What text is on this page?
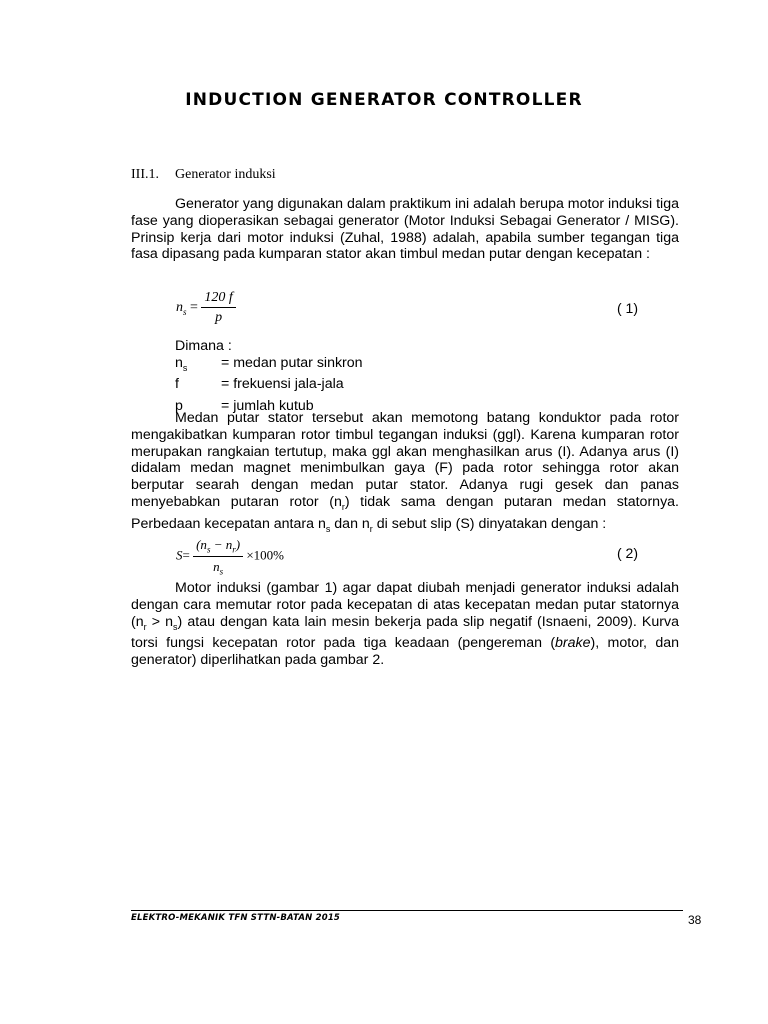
INDUCTION GENERATOR CONTROLLER
III.1. Generator induksi
Generator yang digunakan dalam praktikum ini adalah berupa motor induksi tiga fase yang dioperasikan sebagai generator (Motor Induksi Sebagai Generator / MISG). Prinsip kerja dari motor induksi (Zuhal, 1988) adalah, apabila sumber tegangan tiga fasa dipasang pada kumparan stator akan timbul medan putar dengan kecepatan :
$n_s = \frac{120 f}{p}$	( 1)
Dimana :
$n_s$	= medan putar sinkron
f	= frekuensi jala-jala
p	= jumlah kutub
Medan putar stator tersebut akan memotong batang konduktor pada rotor mengakibatkan kumparan rotor timbul tegangan induksi (ggl). Karena kumparan rotor merupakan rangkaian tertutup, maka ggl akan menghasilkan arus (I). Adanya arus (I) didalam medan magnet menimbulkan gaya (F) pada rotor sehingga rotor akan berputar searah dengan medan putar stator. Adanya rugi gesek dan panas menyebabkan putaran rotor $(n_r)$ tidak sama dengan putaran medan statornya. Perbedaan kecepatan antara $n_s$ dan $n_r$ di sebut slip (S) dinyatakan dengan :
$S= \frac{(n_s - n_r)}{n_s} \times 100\%$	( 2)
Motor induksi (gambar 1) agar dapat diubah menjadi generator induksi adalah dengan cara memutar rotor pada kecepatan di atas kecepatan medan putar statornya $(n_r > n_s)$ atau dengan kata lain mesin bekerja pada slip negatif (Isnaeni, 2009). Kurva torsi fungsi kecepatan rotor pada tiga keadaan (pengereman (brake), motor, dan generator) diperlihatkan pada gambar 2.
ELEKTRO-MEKANIK TFN STTN-BATAN 2015	38
